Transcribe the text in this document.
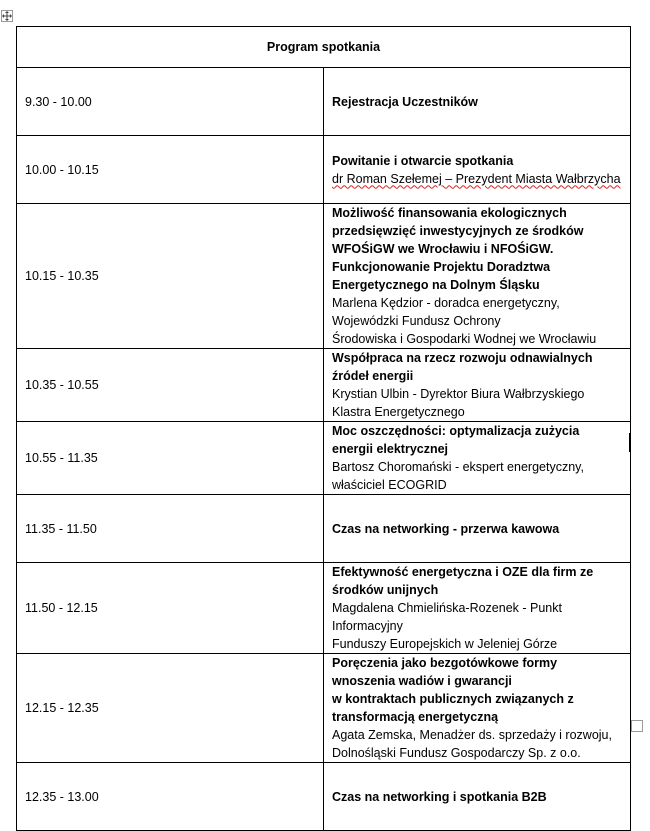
Program spotkania	
9.30 - 10.00	Rejestracja Uczestników

10.00 - 10.15	Powitanie i otwarcie spotkania
dr Roman Szełemej – Prezydent Miasta Wałbrzycha

10.15 - 10.35	Możliwość finansowania ekologicznych przedsięwzięć inwestycyjnych ze środków
WFOŚiGW we Wrocławiu i NFOŚiGW. Funkcjonowanie Projektu Doradztwa
Energetycznego na Dolnym Śląsku
Marlena Kędzior - doradca energetyczny, Wojewódzki Fundusz Ochrony
Środowiska i Gospodarki Wodnej we Wrocławiu

10.35 - 10.55	Współpraca na rzecz rozwoju odnawialnych źródeł energii
Krystian Ulbin - Dyrektor Biura Wałbrzyskiego Klastra Energetycznego

10.55 - 11.35	Moc oszczędności: optymalizacja zużycia energii elektrycznej
Bartosz Choromański - ekspert energetyczny, właściciel ECOGRID

11.35 - 11.50	Czas na networking - przerwa kawowa

11.50 - 12.15	Efektywność energetyczna i OZE dla firm ze środków unijnych
Magdalena Chmielińska-Rozenek - Punkt Informacyjny
Funduszy Europejskich w Jeleniej Górze

12.15 - 12.35	Poręczenia jako bezgotówkowe formy wnoszenia wadiów i gwarancji
w kontraktach publicznych związanych z transformacją energetyczną
Agata Zemska, Menadżer ds. sprzedaży i rozwoju,
Dolnośląski Fundusz Gospodarczy Sp. z o.o.

12.35 - 13.00	Czas na networking i spotkania B2B
